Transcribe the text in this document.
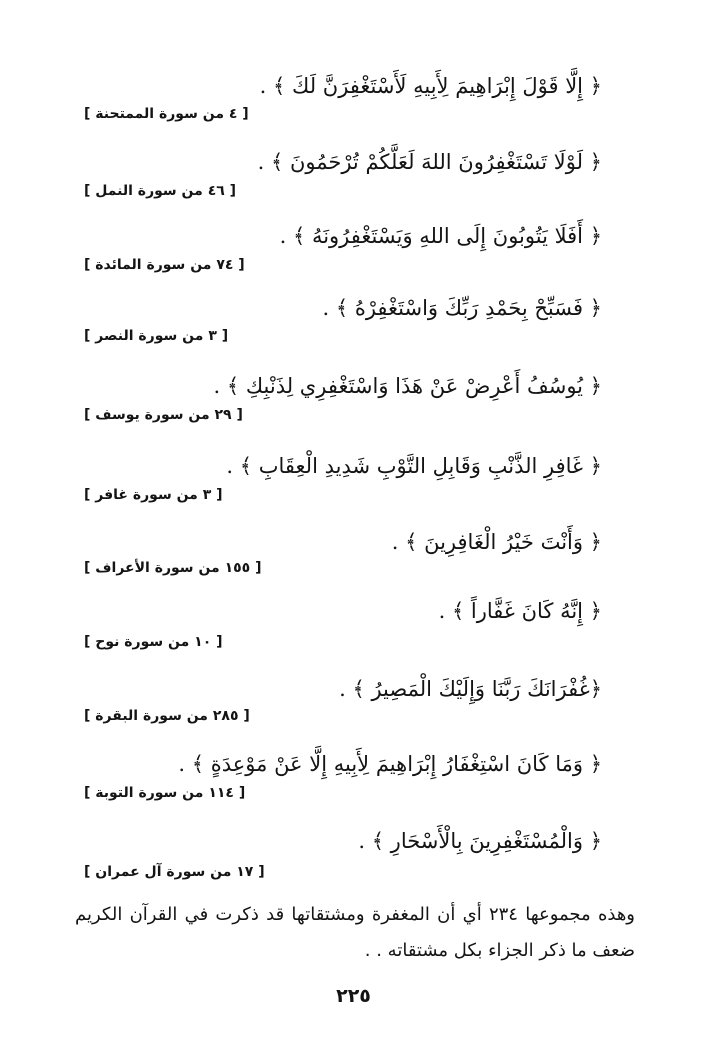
﴿ إِلَّا قَوْلَ إِبْرَاهِيمَ لِأَبِيهِ لَأَسْتَغْفِرَنَّ لَكَ ﴾ .
[ ٤ من سورة الممتحنة ]
﴿ لَوْلَا تَسْتَغْفِرُونَ اللهَ لَعَلَّكُمْ تُرْحَمُونَ ﴾ .
[ ٤٦ من سورة النمل ]
﴿ أَفَلَا يَتُوبُونَ إِلَى اللهِ وَيَسْتَغْفِرُونَهُ ﴾ .
[ ٧٤ من سورة المائدة ]
﴿ فَسَبِّحْ بِحَمْدِ رَبِّكَ وَاسْتَغْفِرْهُ ﴾ .
[ ٣ من سورة النصر ]
﴿ يُوسُفُ أَعْرِضْ عَنْ هَذَا وَاسْتَغْفِرِي لِذَنْبِكِ ﴾ .
[ ٢٩ من سورة يوسف ]
﴿ غَافِرِ الذَّنْبِ وَقَابِلِ التَّوْبِ شَدِيدِ الْعِقَابِ ﴾ .
[ ٣ من سورة غافر ]
﴿ وَأَنْتَ خَيْرُ الْغَافِرِينَ ﴾ .
[ ١٥٥ من سورة الأعراف ]
﴿ إِنَّهُ كَانَ غَفَّاراً ﴾ .
[ ١٠ من سورة نوح ]
﴿غُفْرَانَكَ رَبَّنَا وَإِلَيْكَ الْمَصِيرُ ﴾ .
[ ٢٨٥ من سورة البقرة ]
﴿ وَمَا كَانَ اسْتِغْفَارُ إِبْرَاهِيمَ لِأَبِيهِ إِلَّا عَنْ مَوْعِدَةٍ ﴾ .
[ ١١٤ من سورة التوبة ]
﴿ وَالْمُسْتَغْفِرِينَ بِالْأَسْحَارِ ﴾ .
[ ١٧ من سورة آل عمران ]
وهذه مجموعها ٢٣٤ أي أن المغفرة ومشتقاتها قد ذكرت في القرآن الكريم ضعف ما ذكر الجزاء بكل مشتقاته . .
٢٢٥
